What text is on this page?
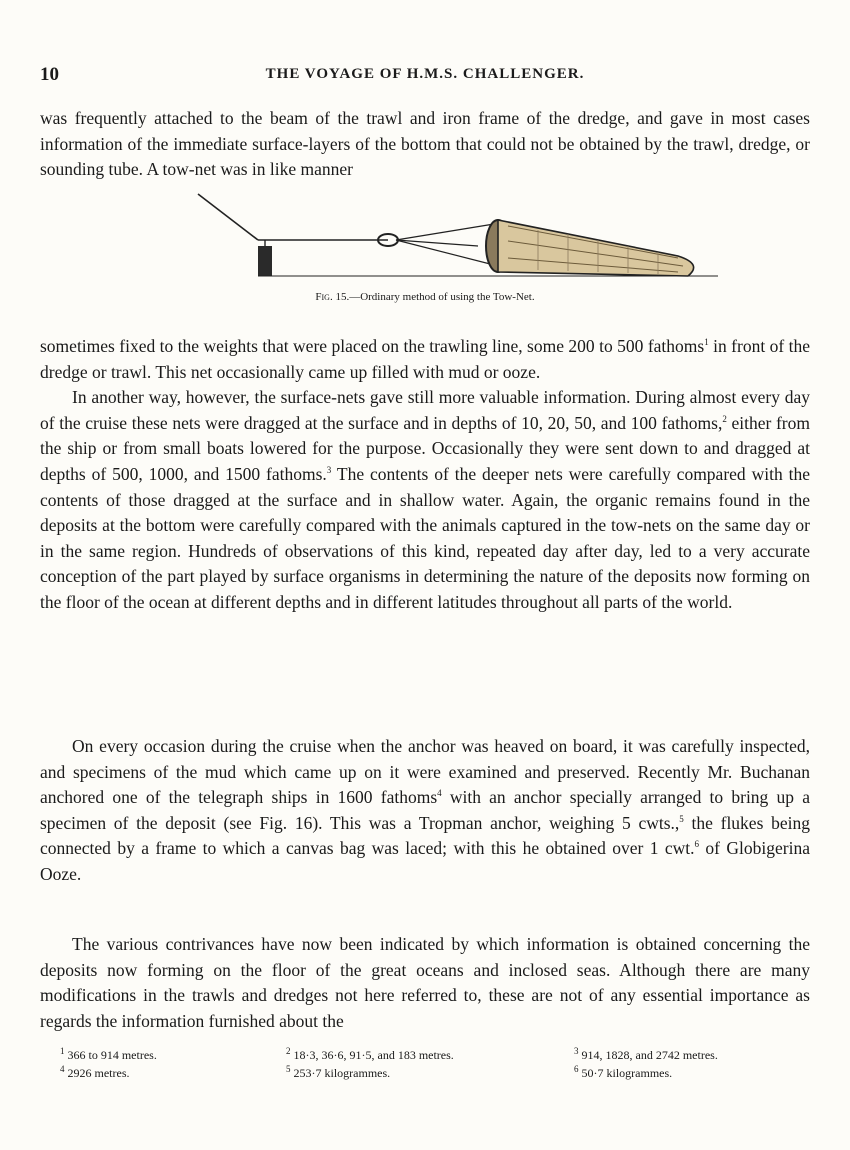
10	THE VOYAGE OF H.M.S. CHALLENGER.

was frequently attached to the beam of the trawl and iron frame of the dredge, and gave in most cases information of the immediate surface-layers of the bottom that could not be obtained by the trawl, dredge, or sounding tube. A tow-net was in like manner

Fig. 15.—Ordinary method of using the Tow-Net.

sometimes fixed to the weights that were placed on the trawling line, some 200 to 500 fathoms$^1$ in front of the dredge or trawl. This net occasionally came up filled with mud or ooze.

In another way, however, the surface-nets gave still more valuable information. During almost every day of the cruise these nets were dragged at the surface and in depths of 10, 20, 50, and 100 fathoms,$^2$ either from the ship or from small boats lowered for the purpose. Occasionally they were sent down to and dragged at depths of 500, 1000, and 1500 fathoms.$^3$ The contents of the deeper nets were carefully compared with the contents of those dragged at the surface and in shallow water. Again, the organic remains found in the deposits at the bottom were carefully compared with the animals captured in the tow-nets on the same day or in the same region. Hundreds of observations of this kind, repeated day after day, led to a very accurate conception of the part played by surface organisms in determining the nature of the deposits now forming on the floor of the ocean at different depths and in different latitudes throughout all parts of the world.

On every occasion during the cruise when the anchor was heaved on board, it was carefully inspected, and specimens of the mud which came up on it were examined and preserved. Recently Mr. Buchanan anchored one of the telegraph ships in 1600 fathoms$^4$ with an anchor specially arranged to bring up a specimen of the deposit (see Fig. 16). This was a Tropman anchor, weighing 5 cwts.,$^5$ the flukes being connected by a frame to which a canvas bag was laced; with this he obtained over 1 cwt.$^6$ of Globigerina Ooze.

The various contrivances have now been indicated by which information is obtained concerning the deposits now forming on the floor of the great oceans and inclosed seas. Although there are many modifications in the trawls and dredges not here referred to, these are not of any essential importance as regards the information furnished about the

$^1$ 366 to 914 metres.	$^2$ 18·3, 36·6, 91·5, and 183 metres.	$^3$ 914, 1828, and 2742 metres.
$^4$ 2926 metres.	$^5$ 253·7 kilogrammes.	$^6$ 50·7 kilogrammes.
